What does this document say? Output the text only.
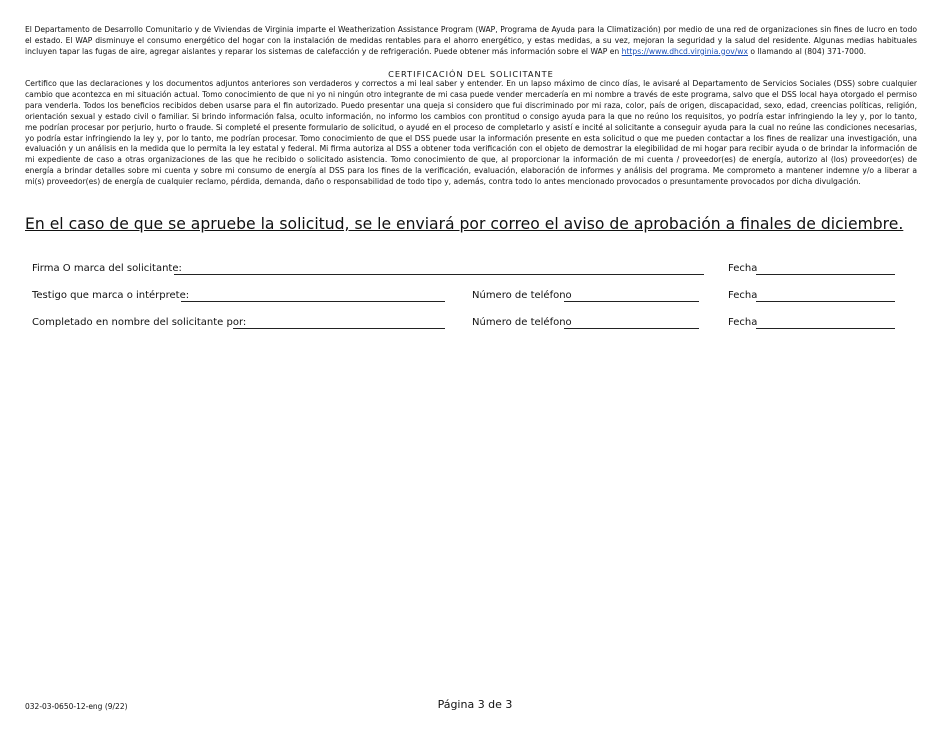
El Departamento de Desarrollo Comunitario y de Viviendas de Virginia imparte el Weatherization Assistance Program (WAP, Programa de Ayuda para la Climatización) por medio de una red de organizaciones sin fines de lucro en todo el estado. El WAP disminuye el consumo energético del hogar con la instalación de medidas rentables para el ahorro energético, y estas medidas, a su vez, mejoran la seguridad y la salud del residente. Algunas medias habituales incluyen tapar las fugas de aire, agregar aislantes y reparar los sistemas de calefacción y de refrigeración. Puede obtener más información sobre el WAP en https://www.dhcd.virginia.gov/wx o llamando al (804) 371-7000.
CERTIFICACIÓN DEL SOLICITANTE
Certifico que las declaraciones y los documentos adjuntos anteriores son verdaderos y correctos a mi leal saber y entender. En un lapso máximo de cinco días, le avisaré al Departamento de Servicios Sociales (DSS) sobre cualquier cambio que acontezca en mi situación actual. Tomo conocimiento de que ni yo ni ningún otro integrante de mi casa puede vender mercadería en mi nombre a través de este programa, salvo que el DSS local haya otorgado el permiso para venderla. Todos los beneficios recibidos deben usarse para el fin autorizado. Puedo presentar una queja si considero que fui discriminado por mi raza, color, país de origen, discapacidad, sexo, edad, creencias políticas, religión, orientación sexual y estado civil o familiar. Si brindo información falsa, oculto información, no informo los cambios con prontitud o consigo ayuda para la que no reúno los requisitos, yo podría estar infringiendo la ley y, por lo tanto, me podrían procesar por perjurio, hurto o fraude. Si completé el presente formulario de solicitud, o ayudé en el proceso de completarlo y asistí e incité al solicitante a conseguir ayuda para la cual no reúne las condiciones necesarias, yo podría estar infringiendo la ley y, por lo tanto, me podrían procesar. Tomo conocimiento de que el DSS puede usar la información presente en esta solicitud o que me pueden contactar a los fines de realizar una investigación, una evaluación y un análisis en la medida que lo permita la ley estatal y federal. Mi firma autoriza al DSS a obtener toda verificación con el objeto de demostrar la elegibilidad de mi hogar para recibir ayuda o de brindar la información de mi expediente de caso a otras organizaciones de las que he recibido o solicitado asistencia. Tomo conocimiento de que, al proporcionar la información de mi cuenta / proveedor(es) de energía, autorizo al (los) proveedor(es) de energía a brindar detalles sobre mi cuenta y sobre mi consumo de energía al DSS para los fines de la verificación, evaluación, elaboración de informes y análisis del programa. Me comprometo a mantener indemne y/o a liberar a mi(s) proveedor(es) de energía de cualquier reclamo, pérdida, demanda, daño o responsabilidad de todo tipo y, además, contra todo lo antes mencionado provocados o presuntamente provocados por dicha divulgación.
En el caso de que se apruebe la solicitud, se le enviará por correo el aviso de aprobación a finales de diciembre.
Firma O marca del solicitante:	Fecha
Testigo que marca o intérprete:	Número de teléfono	Fecha
Completado en nombre del solicitante por:	Número de teléfono	Fecha
032-03-0650-12-eng (9/22)	Página 3 de 3
